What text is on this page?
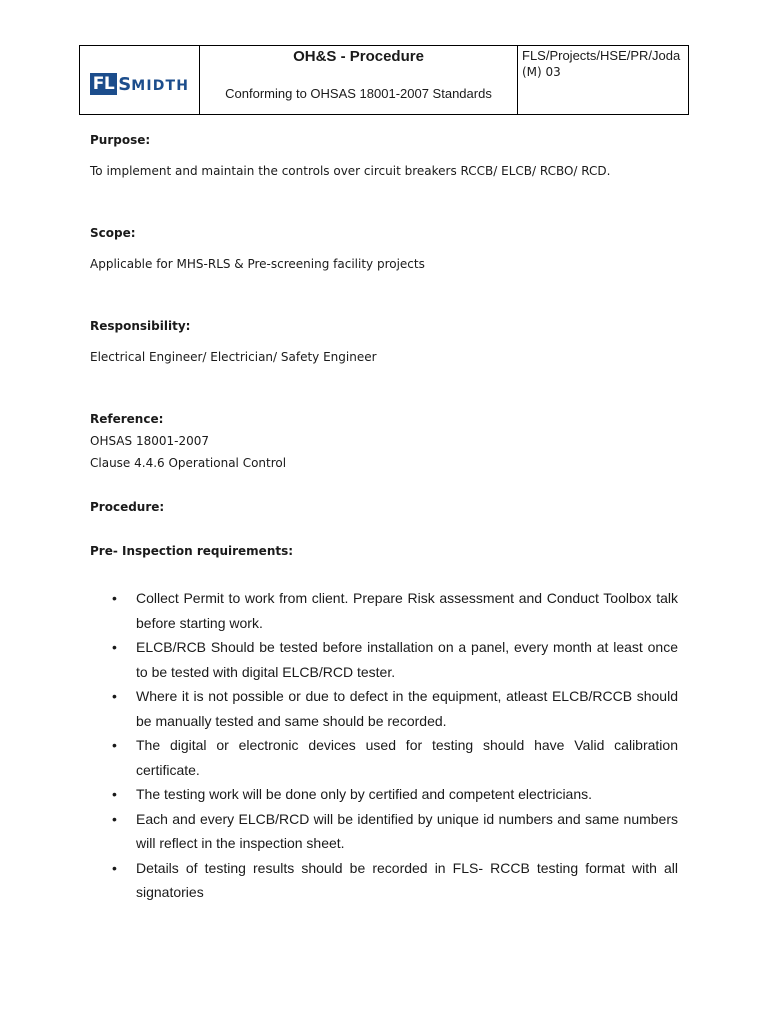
FL SMIDTH
OH&S - Procedure
Conforming to OHSAS 18001-2007 Standards
FLS/Projects/HSE/PR/Joda
(M) 03
Purpose:
To implement and maintain the controls over circuit breakers RCCB/ ELCB/ RCBO/ RCD.
Scope:
Applicable for MHS-RLS & Pre-screening facility projects
Responsibility:
Electrical Engineer/ Electrician/ Safety Engineer
Reference:
OHSAS 18001-2007
Clause 4.4.6 Operational Control
Procedure:
Pre- Inspection requirements:
• Collect Permit to work from client. Prepare Risk assessment and Conduct Toolbox talk before starting work.
• ELCB/RCB Should be tested before installation on a panel, every month at least once to be tested with digital ELCB/RCD tester.
• Where it is not possible or due to defect in the equipment, atleast ELCB/RCCB should be manually tested and same should be recorded.
• The digital or electronic devices used for testing should have Valid calibration certificate.
• The testing work will be done only by certified and competent electricians.
• Each and every ELCB/RCD will be identified by unique id numbers and same numbers will reflect in the inspection sheet.
• Details of testing results should be recorded in FLS- RCCB testing format with all signatories
